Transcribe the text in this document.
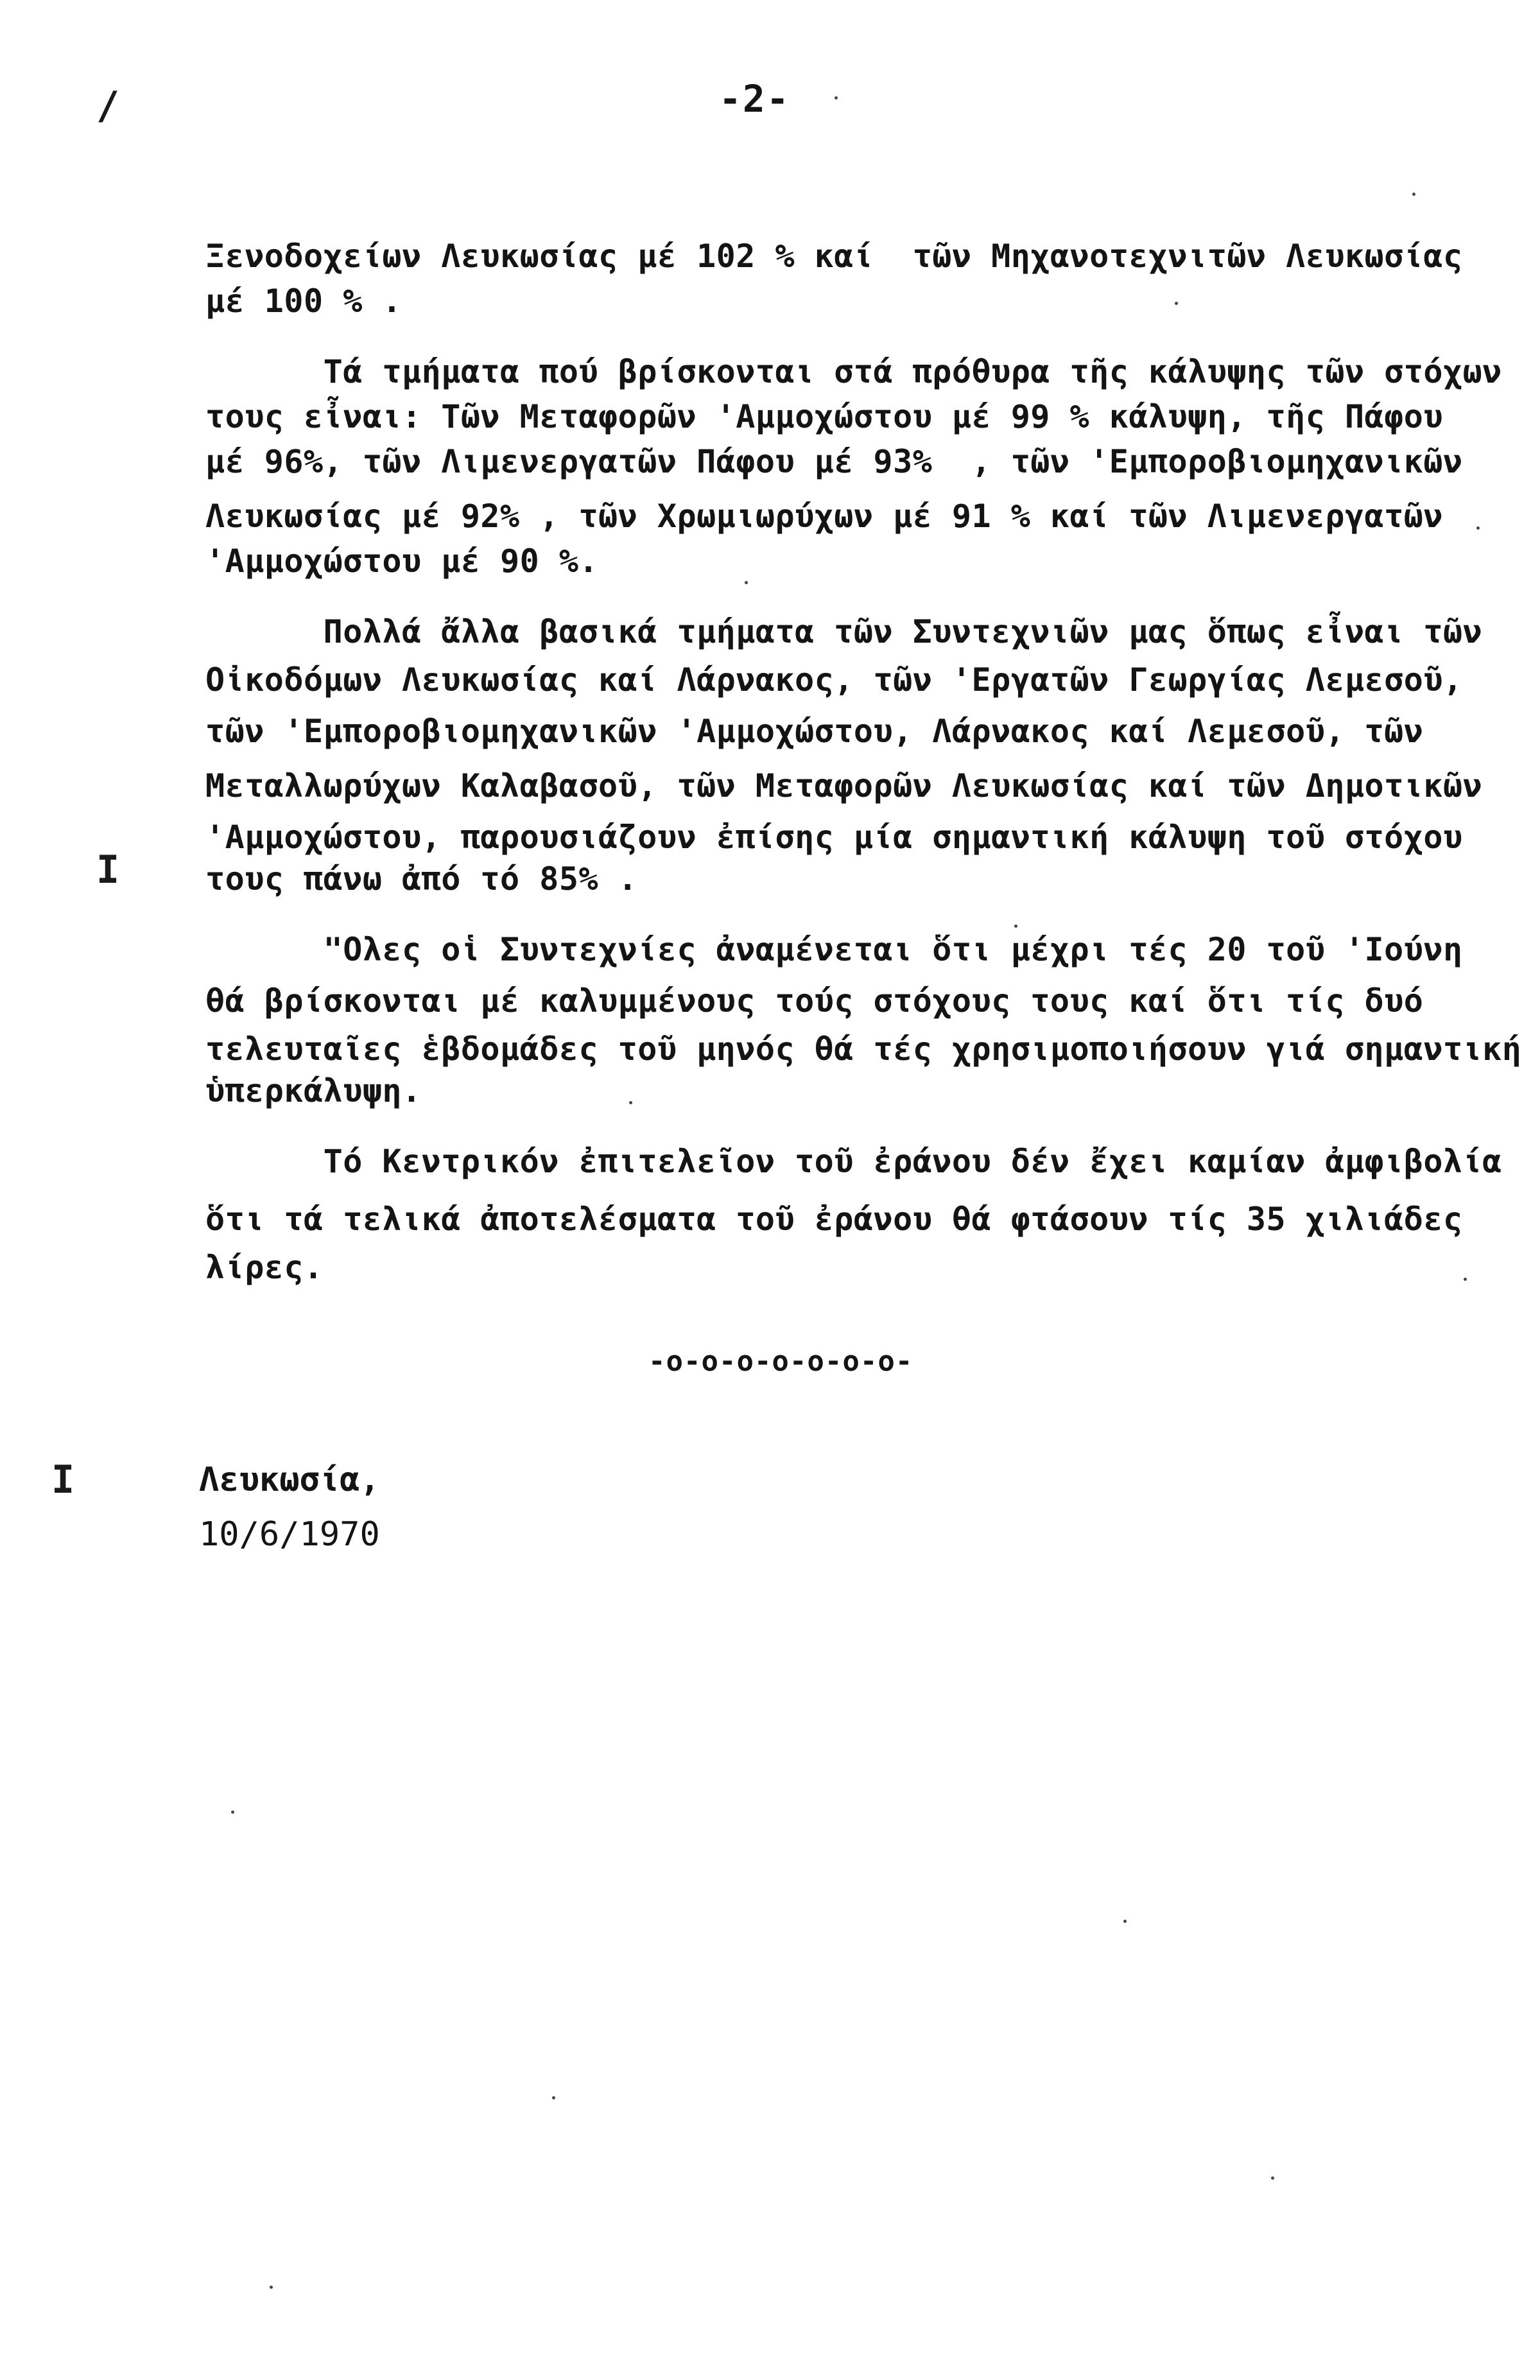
-2-
/
I
I
Ξενοδοχείων Λευκωσίας μέ 102 % καί  τῶν Μηχανοτεχνιτῶν Λευκωσίας
μέ 100 % .
Τά τμήματα πού βρίσκονται στά πρόθυρα τῆς κάλυψης τῶν στόχων
τους εἶναι: Τῶν Μεταφορῶν 'Αμμοχώστου μέ 99 % κάλυψη, τῆς Πάφου
μέ 96%, τῶν Λιμενεργατῶν Πάφου μέ 93%  , τῶν 'Εμποροβιομηχανικῶν
Λευκωσίας μέ 92% , τῶν Χρωμιωρύχων μέ 91 % καί τῶν Λιμενεργατῶν
'Αμμοχώστου μέ 90 %.
Πολλά ἄλλα βασικά τμήματα τῶν Συντεχνιῶν μας ὅπως εἶναι τῶν
Οἰκοδόμων Λευκωσίας καί Λάρνακος, τῶν 'Εργατῶν Γεωργίας Λεμεσοῦ,
τῶν 'Εμποροβιομηχανικῶν 'Αμμοχώστου, Λάρνακος καί Λεμεσοῦ, τῶν
Μεταλλωρύχων Καλαβασοῦ, τῶν Μεταφορῶν Λευκωσίας καί τῶν Δημοτικῶν
'Αμμοχώστου, παρουσιάζουν ἐπίσης μία σημαντική κάλυψη τοῦ στόχου
τους πάνω ἀπό τό 85% .
"Ολες οἱ Συντεχνίες ἀναμένεται ὅτι μέχρι τές 20 τοῦ 'Ιούνη
θά βρίσκονται μέ καλυμμένους τούς στόχους τους καί ὅτι τίς δυό
τελευταῖες ἑβδομάδες τοῦ μηνός θά τές χρησιμοποιήσουν γιά σημαντική
ὑπερκάλυψη.
Τό Κεντρικόν ἐπιτελεῖον τοῦ ἐράνου δέν ἔχει καμίαν ἀμφιβολία
ὅτι τά τελικά ἀποτελέσματα τοῦ ἐράνου θά φτάσουν τίς 35 χιλιάδες
λίρες.
-o-o-o-o-o-o-o-
Λευκωσία,
10/6/1970
